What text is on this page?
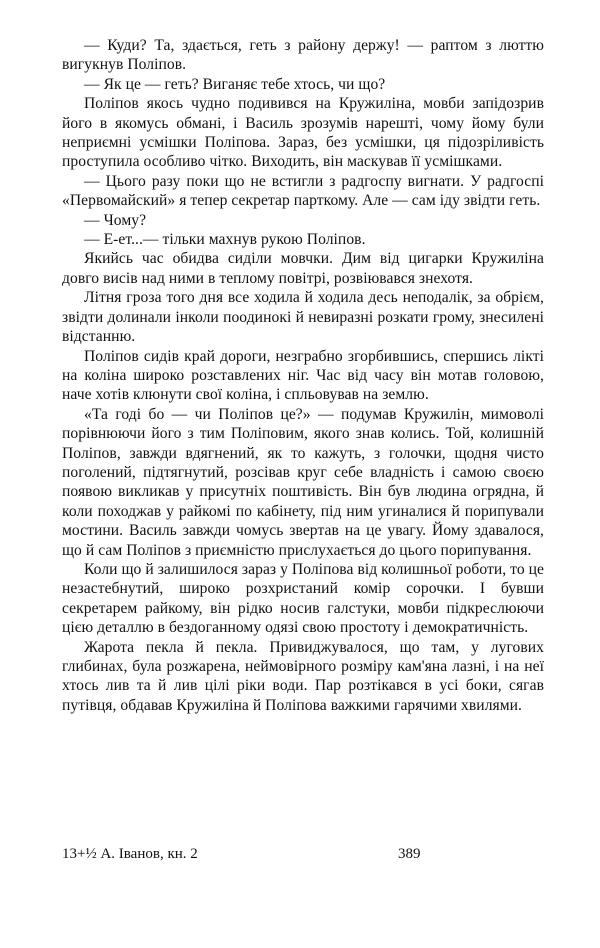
— Куди? Та, здається, геть з району держу! — раптом з люттю вигукнув Поліпов.

— Як це — геть? Виганяє тебе хтось, чи що?

Поліпов якось чудно подивився на Кружиліна, мовби запідозрив його в якомусь обмані, і Василь зрозумів нарешті, чому йому були неприємні усмішки Поліпова. Зараз, без усмішки, ця підозріливість проступила особливо чітко. Виходить, він маскував її усмішками.

— Цього разу поки що не встигли з радгоспу вигнати. У радгоспі «Первомайский» я тепер секретар парткому. Але — сам іду звідти геть.

— Чому?

— Е-ет...— тільки махнув рукою Поліпов.

Якийсь час обидва сиділи мовчки. Дим від цигарки Кружиліна довго висів над ними в теплому повітрі, розвіювався знехотя.

Літня гроза того дня все ходила й ходила десь неподалік, за обрієм, звідти долинали інколи поодинокі й невиразні розкати грому, знесилені відстанню.

Поліпов сидів край дороги, незграбно згорбившись, спершись лікті на коліна широко розставлених ніг. Час від часу він мотав головою, наче хотів клюнути свої коліна, і спльовував на землю.

«Та годі бо — чи Поліпов це?» — подумав Кружилін, мимоволі порівнюючи його з тим Поліповим, якого знав колись. Той, колишній Поліпов, завжди вдягнений, як то кажуть, з голочки, щодня чисто поголений, підтягнутий, розсівав круг себе владність і самою своєю появою викликав у присутніх поштивість. Він був людина огрядна, й коли походжав у райкомі по кабінету, під ним угиналися й порипували мостини. Василь завжди чомусь звертав на це увагу. Йому здавалося, що й сам Поліпов з приємністю прислухається до цього порипування.

Коли що й залишилося зараз у Поліпова від колишньої роботи, то це незастебнутий, широко розхристаний комір сорочки. І бувши секретарем райкому, він рідко носив галстуки, мовби підкреслюючи цією деталлю в бездоганному одязі свою простоту і демократичність.

Жарота пекла й пекла. Привиджувалося, що там, у лугових глибинах, була розжарена, неймовірного розміру кам'яна лазні, і на неї хтось лив та й лив цілі ріки води. Пар розтікався в усі боки, сягав путівця, обдавав Кружиліна й Поліпова важкими гарячими хвилями.

13+½ А. Іванов, кн. 2	389
